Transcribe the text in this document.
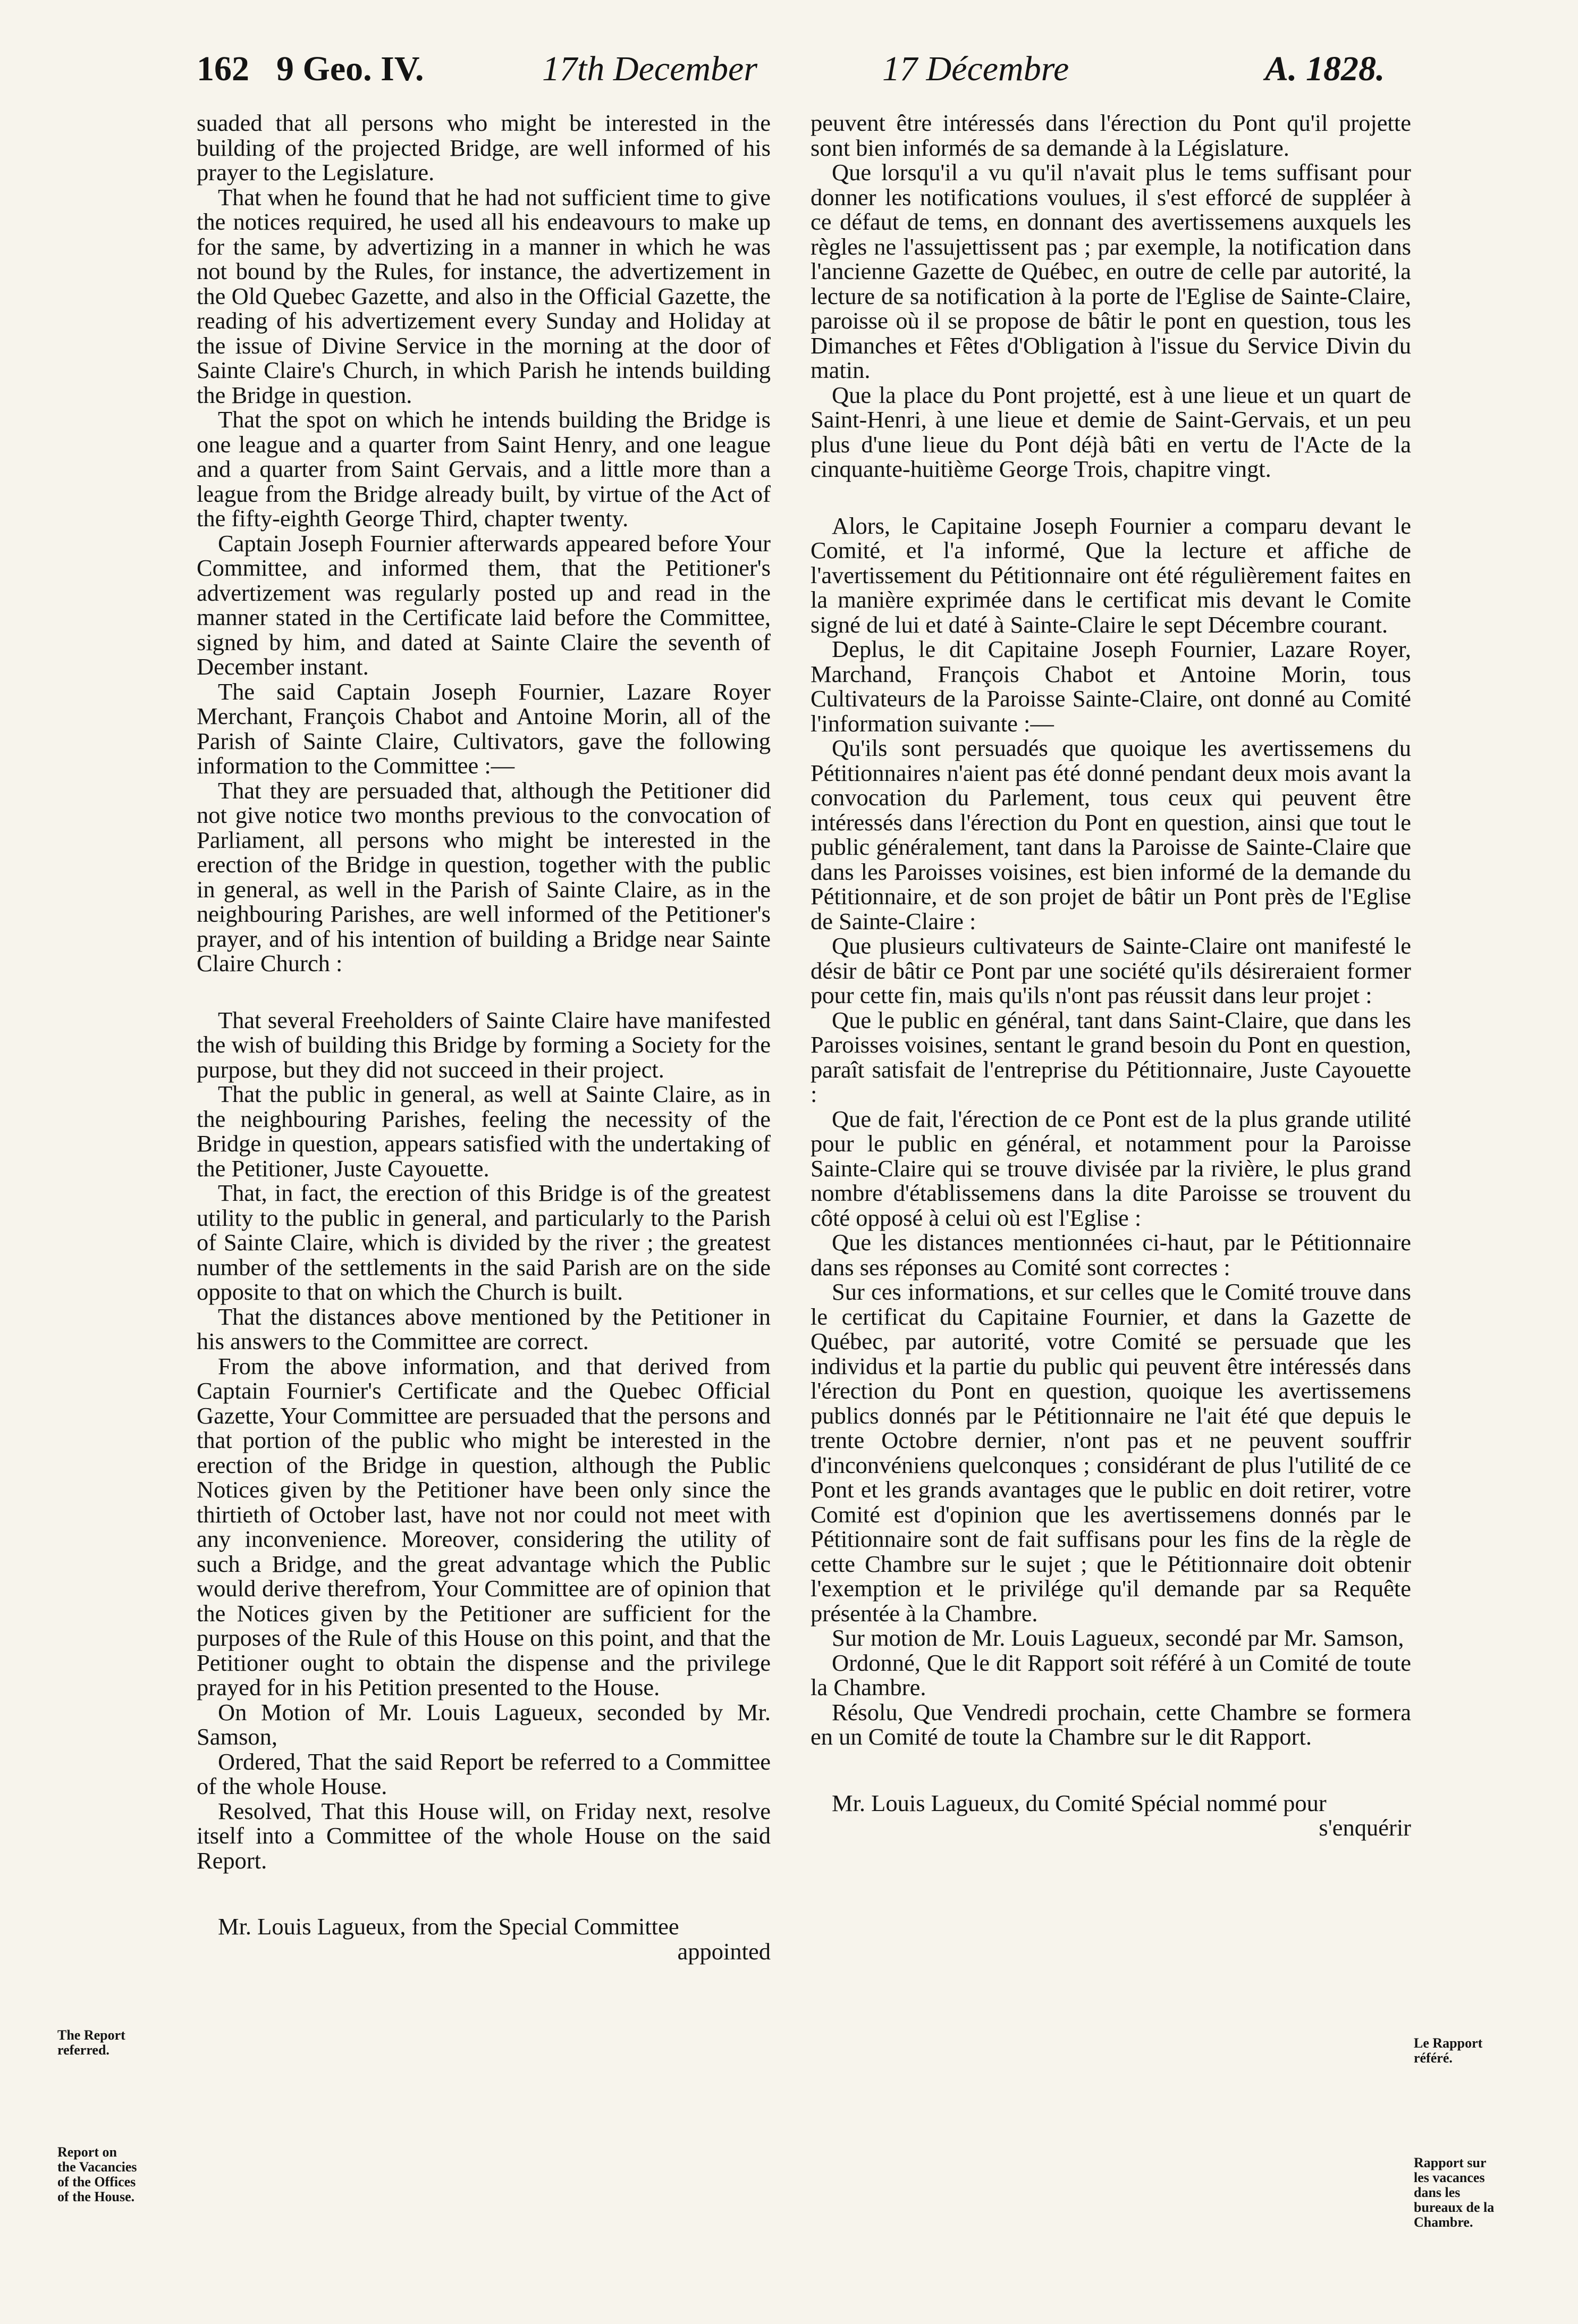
162 9 Geo. IV.	17th December	17 Décembre	A. 1828.

suaded that all persons who might be interested in the building of the projected Bridge, are well informed of his prayer to the Legislature.

That when he found that he had not sufficient time to give the notices required, he used all his endeavours to make up for the same, by advertizing in a manner in which he was not bound by the Rules, for instance, the advertizement in the Old Quebec Gazette, and also in the Official Gazette, the reading of his advertizement every Sunday and Holiday at the issue of Divine Service in the morning at the door of Sainte Claire's Church, in which Parish he intends building the Bridge in question.

That the spot on which he intends building the Bridge is one league and a quarter from Saint Henry, and one league and a quarter from Saint Gervais, and a little more than a league from the Bridge already built, by virtue of the Act of the fifty-eighth George Third, chapter twenty.

Captain Joseph Fournier afterwards appeared before Your Committee, and informed them, that the Petitioner's advertizement was regularly posted up and read in the manner stated in the Certificate laid before the Committee, signed by him, and dated at Sainte Claire the seventh of December instant.

The said Captain Joseph Fournier, Lazare Royer Merchant, François Chabot and Antoine Morin, all of the Parish of Sainte Claire, Cultivators, gave the following information to the Committee :—

That they are persuaded that, although the Petitioner did not give notice two months previous to the convocation of Parliament, all persons who might be interested in the erection of the Bridge in question, together with the public in general, as well in the Parish of Sainte Claire, as in the neighbouring Parishes, are well informed of the Petitioner's prayer, and of his intention of building a Bridge near Sainte Claire Church :

That several Freeholders of Sainte Claire have manifested the wish of building this Bridge by forming a Society for the purpose, but they did not succeed in their project.

That the public in general, as well at Sainte Claire, as in the neighbouring Parishes, feeling the necessity of the Bridge in question, appears satisfied with the undertaking of the Petitioner, Juste Cayouette.

That, in fact, the erection of this Bridge is of the greatest utility to the public in general, and particularly to the Parish of Sainte Claire, which is divided by the river ; the greatest number of the settlements in the said Parish are on the side opposite to that on which the Church is built.

That the distances above mentioned by the Petitioner in his answers to the Committee are correct.

From the above information, and that derived from Captain Fournier's Certificate and the Quebec Official Gazette, Your Committee are persuaded that the persons and that portion of the public who might be interested in the erection of the Bridge in question, although the Public Notices given by the Petitioner have been only since the thirtieth of October last, have not nor could not meet with any inconvenience. Moreover, considering the utility of such a Bridge, and the great advantage which the Public would derive therefrom, Your Committee are of opinion that the Notices given by the Petitioner are sufficient for the purposes of the Rule of this House on this point, and that the Petitioner ought to obtain the dispense and the privilege prayed for in his Petition presented to the House.

On Motion of Mr. Louis Lagueux, seconded by Mr. Samson,

Ordered, That the said Report be referred to a Committee of the whole House.

Resolved, That this House will, on Friday next, resolve itself into a Committee of the whole House on the said Report.

Mr. Louis Lagueux, from the Special Committee

appointed

peuvent être intéressés dans l'érection du Pont qu'il projette sont bien informés de sa demande à la Législature.

Que lorsqu'il a vu qu'il n'avait plus le tems suffisant pour donner les notifications voulues, il s'est efforcé de suppléer à ce défaut de tems, en donnant des avertissemens auxquels les règles ne l'assujettissent pas ; par exemple, la notification dans l'ancienne Gazette de Québec, en outre de celle par autorité, la lecture de sa notification à la porte de l'Eglise de Sainte-Claire, paroisse où il se propose de bâtir le pont en question, tous les Dimanches et Fêtes d'Obligation à l'issue du Service Divin du matin.

Que la place du Pont projetté, est à une lieue et un quart de Saint-Henri, à une lieue et demie de Saint-Gervais, et un peu plus d'une lieue du Pont déjà bâti en vertu de l'Acte de la cinquante-huitième George Trois, chapitre vingt.

Alors, le Capitaine Joseph Fournier a comparu devant le Comité, et l'a informé, Que la lecture et affiche de l'avertissement du Pétitionnaire ont été régulièrement faites en la manière exprimée dans le certificat mis devant le Comite signé de lui et daté à Sainte-Claire le sept Décembre courant.

Deplus, le dit Capitaine Joseph Fournier, Lazare Royer, Marchand, François Chabot et Antoine Morin, tous Cultivateurs de la Paroisse Sainte-Claire, ont donné au Comité l'information suivante :—

Qu'ils sont persuadés que quoique les avertissemens du Pétitionnaires n'aient pas été donné pendant deux mois avant la convocation du Parlement, tous ceux qui peuvent être intéressés dans l'érection du Pont en question, ainsi que tout le public généralement, tant dans la Paroisse de Sainte-Claire que dans les Paroisses voisines, est bien informé de la demande du Pétitionnaire, et de son projet de bâtir un Pont près de l'Eglise de Sainte-Claire :

Que plusieurs cultivateurs de Sainte-Claire ont manifesté le désir de bâtir ce Pont par une société qu'ils désireraient former pour cette fin, mais qu'ils n'ont pas réussit dans leur projet :

Que le public en général, tant dans Saint-Claire, que dans les Paroisses voisines, sentant le grand besoin du Pont en question, paraît satisfait de l'entreprise du Pétitionnaire, Juste Cayouette :

Que de fait, l'érection de ce Pont est de la plus grande utilité pour le public en général, et notamment pour la Paroisse Sainte-Claire qui se trouve divisée par la rivière, le plus grand nombre d'établissemens dans la dite Paroisse se trouvent du côté opposé à celui où est l'Eglise :

Que les distances mentionnées ci-haut, par le Pétitionnaire dans ses réponses au Comité sont correctes :

Sur ces informations, et sur celles que le Comité trouve dans le certificat du Capitaine Fournier, et dans la Gazette de Québec, par autorité, votre Comité se persuade que les individus et la partie du public qui peuvent être intéressés dans l'érection du Pont en question, quoique les avertissemens publics donnés par le Pétitionnaire ne l'ait été que depuis le trente Octobre dernier, n'ont pas et ne peuvent souffrir d'inconvéniens quelconques ; considérant de plus l'utilité de ce Pont et les grands avantages que le public en doit retirer, votre Comité est d'opinion que les avertissemens donnés par le Pétitionnaire sont de fait suffisans pour les fins de la règle de cette Chambre sur le sujet ; que le Pétitionnaire doit obtenir l'exemption et le privilége qu'il demande par sa Requête présentée à la Chambre.

Sur motion de Mr. Louis Lagueux, secondé par Mr. Samson,

Ordonné, Que le dit Rapport soit référé à un Comité de toute la Chambre.

Résolu, Que Vendredi prochain, cette Chambre se formera en un Comité de toute la Chambre sur le dit Rapport.

Mr. Louis Lagueux, du Comité Spécial nommé pour

s'enquérir

The Report referred.
Report on the Vacancies of the Offices of the House.
Le Rapport référé.
Rapport sur les vacances dans les bureaux de la Chambre.
